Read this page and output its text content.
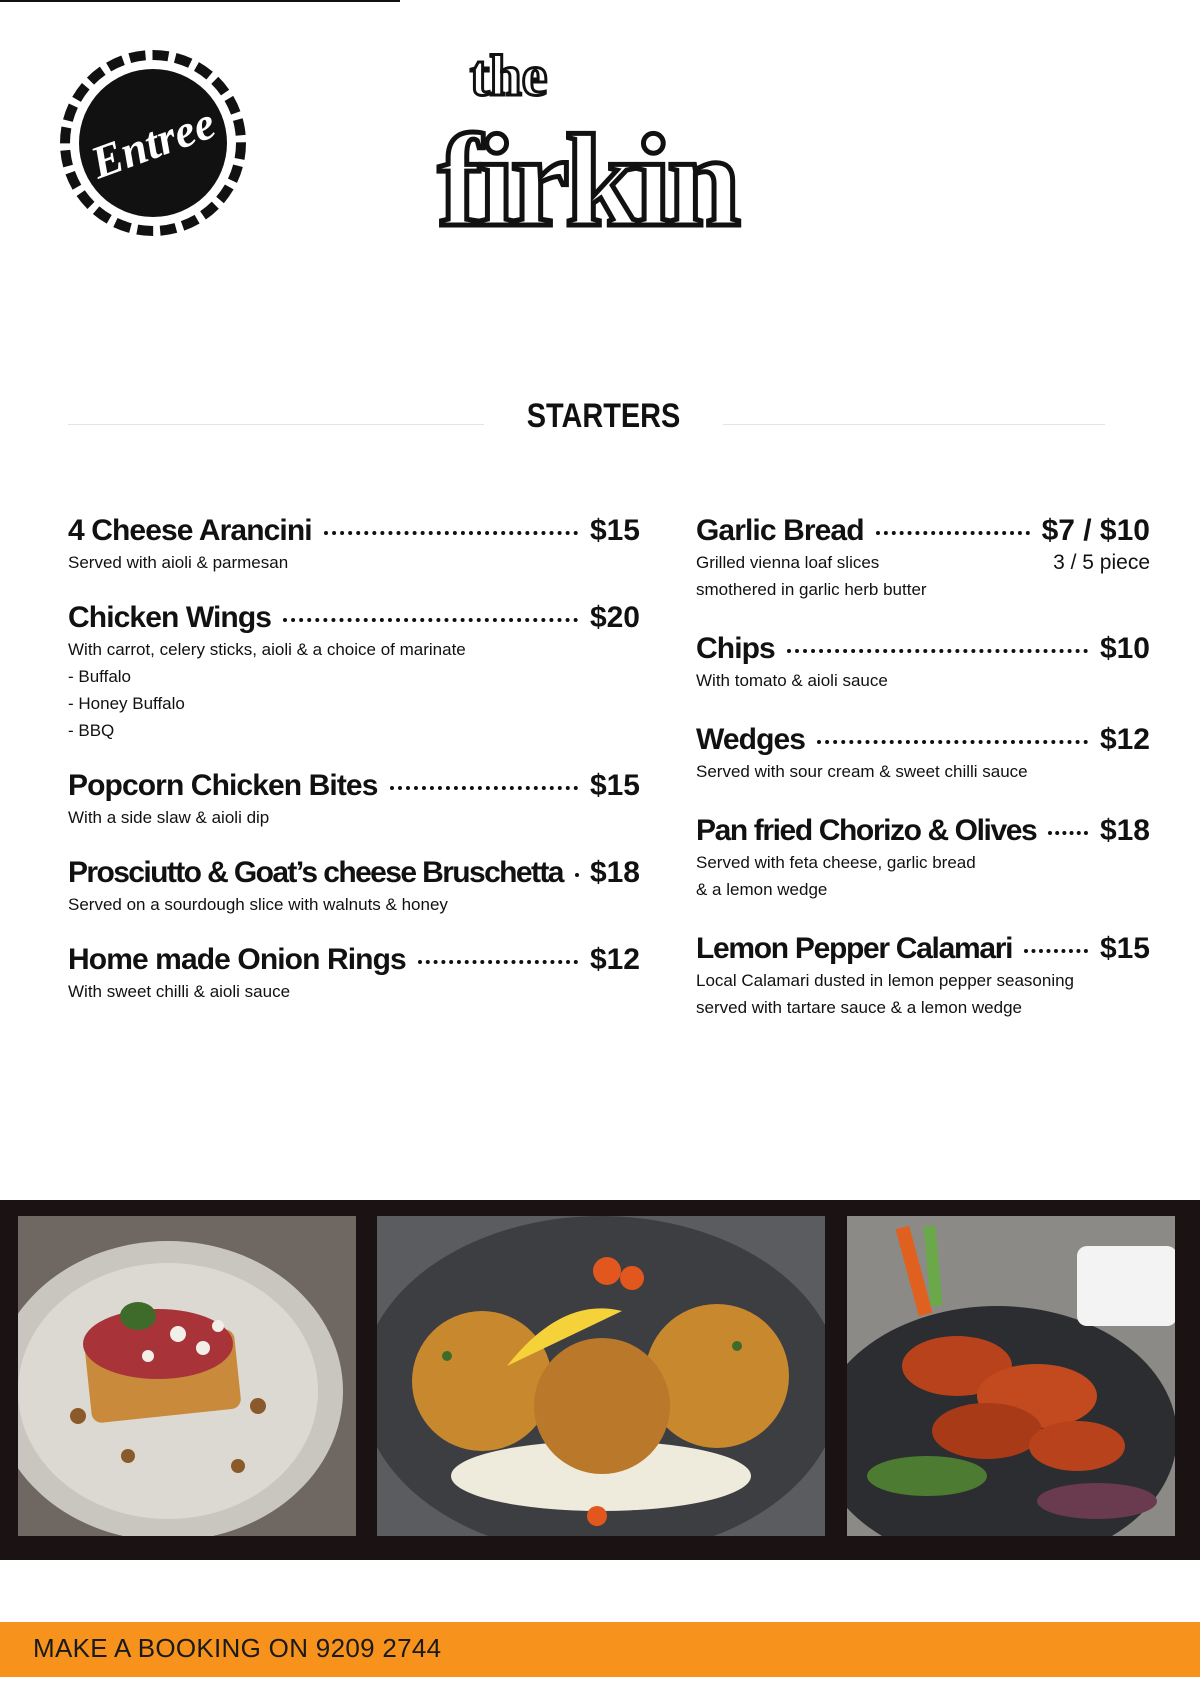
Entree
the
firkin
STARTERS
4 Cheese Arancini	$15
Served with aioli & parmesan
Chicken Wings	$20
With carrot, celery sticks, aioli & a choice of marinate
- Buffalo
- Honey Buffalo
- BBQ
Popcorn Chicken Bites	$15
With a side slaw & aioli dip
Prosciutto & Goat’s cheese Bruschetta $18
Served on a sourdough slice with walnuts & honey
Home made Onion Rings	$12
With sweet chilli & aioli sauce
Garlic Bread	$7 / $10
Grilled vienna loaf slices	3 / 5 piece
smothered in garlic herb butter
Chips	$10
With tomato & aioli sauce
Wedges	$12
Served with sour cream & sweet chilli sauce
Pan fried Chorizo & Olives $18
Served with feta cheese, garlic bread
& a lemon wedge
Lemon Pepper Calamari	$15
Local Calamari dusted in lemon pepper seasoning
served with tartare sauce & a lemon wedge
MAKE A BOOKING ON 9209 2744
